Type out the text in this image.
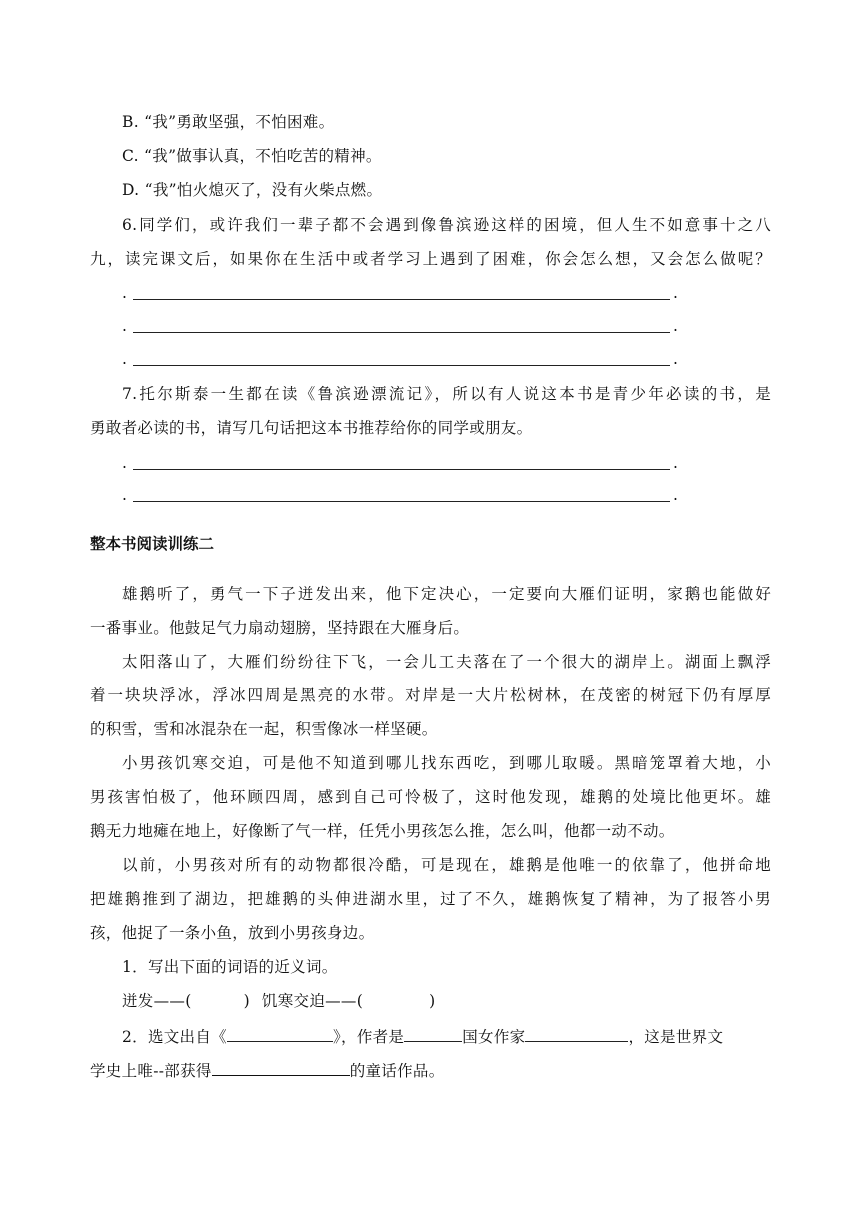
B. “我”勇敢坚强，不怕困难。
C. “我”做事认真，不怕吃苦的精神。
D. “我”怕火熄灭了，没有火柴点燃。
6.同学们，或许我们一辈子都不会遇到像鲁滨逊这样的困境，但人生不如意事十之八
九，读完课文后，如果你在生活中或者学习上遇到了困难，你会怎么想，又会怎么做呢？
.	.
.	.
.	.
7.托尔斯泰一生都在读《鲁滨逊漂流记》，所以有人说这本书是青少年必读的书，是
勇敢者必读的书，请写几句话把这本书推荐给你的同学或朋友。
.	.
.	.
整本书阅读训练二
雄鹅听了，勇气一下子迸发出来，他下定决心，一定要向大雁们证明，家鹅也能做好
一番事业。他鼓足气力扇动翅膀，坚持跟在大雁身后。
太阳落山了，大雁们纷纷往下飞，一会儿工夫落在了一个很大的湖岸上。湖面上飘浮
着一块块浮冰，浮冰四周是黑亮的水带。对岸是一大片松树林，在茂密的树冠下仍有厚厚
的积雪，雪和冰混杂在一起，积雪像冰一样坚硬。
小男孩饥寒交迫，可是他不知道到哪儿找东西吃，到哪儿取暖。黑暗笼罩着大地，小
男孩害怕极了，他环顾四周，感到自己可怜极了，这时他发现，雄鹅的处境比他更坏。雄
鹅无力地瘫在地上，好像断了气一样，任凭小男孩怎么推，怎么叫，他都一动不动。
以前，小男孩对所有的动物都很冷酷，可是现在，雄鹅是他唯一的依靠了，他拼命地
把雄鹅推到了湖边，把雄鹅的头伸进湖水里，过了不久，雄鹅恢复了精神，为了报答小男
孩，他捉了一条小鱼，放到小男孩身边。
1．写出下面的词语的近义词。
迸发——(	) 饥寒交迫——(	)
2．选文出自《	》，作者是	国女作家	，这是世界文
学史上唯--部获得	的童话作品。
